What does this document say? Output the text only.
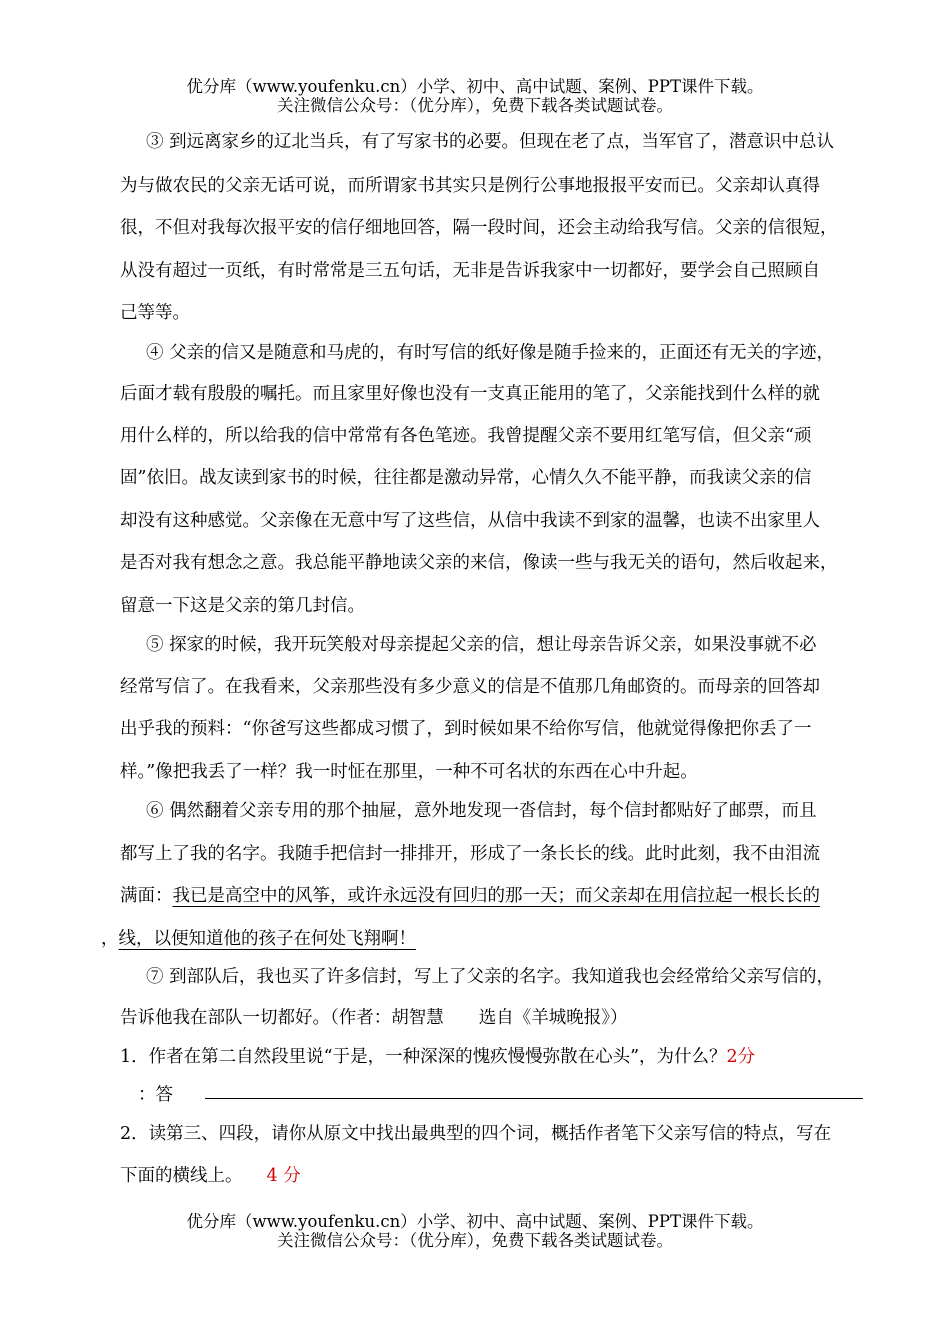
优分库（www.youfenku.cn）小学、初中、高中试题、案例、PPT课件下载。
关注微信公众号：（优分库），免费下载各类试题试卷。
③ 到远离家乡的辽北当兵，有了写家书的必要。但现在老了点，当军官了，潜意识中总认
为与做农民的父亲无话可说，而所谓家书其实只是例行公事地报报平安而已。父亲却认真得
很，不但对我每次报平安的信仔细地回答，隔一段时间，还会主动给我写信。父亲的信很短，
从没有超过一页纸，有时常常是三五句话，无非是告诉我家中一切都好，要学会自己照顾自
己等等。
④ 父亲的信又是随意和马虎的，有时写信的纸好像是随手捡来的，正面还有无关的字迹，
后面才载有殷殷的嘱托。而且家里好像也没有一支真正能用的笔了，父亲能找到什么样的就
用什么样的，所以给我的信中常常有各色笔迹。我曾提醒父亲不要用红笔写信，但父亲“顽
固”依旧。战友读到家书的时候，往往都是激动异常，心情久久不能平静，而我读父亲的信
却没有这种感觉。父亲像在无意中写了这些信，从信中我读不到家的温馨，也读不出家里人
是否对我有想念之意。我总能平静地读父亲的来信，像读一些与我无关的语句，然后收起来，
留意一下这是父亲的第几封信。
⑤ 探家的时候，我开玩笑般对母亲提起父亲的信，想让母亲告诉父亲，如果没事就不必
经常写信了。在我看来，父亲那些没有多少意义的信是不值那几角邮资的。而母亲的回答却
出乎我的预料：“你爸写这些都成习惯了，到时候如果不给你写信，他就觉得像把你丢了一
样。”像把我丢了一样？我一时怔在那里，一种不可名状的东西在心中升起。
⑥ 偶然翻着父亲专用的那个抽屉，意外地发现一沓信封，每个信封都贴好了邮票，而且
都写上了我的名字。我随手把信封一排排开，形成了一条长长的线。此时此刻，我不由泪流
满面：我已是高空中的风筝，或许永远没有回归的那一天；而父亲却在用信拉起一根长长的
，线，以便知道他的孩子在何处飞翔啊！
⑦ 到部队后，我也买了许多信封，写上了父亲的名字。我知道我也会经常给父亲写信的，
告诉他我在部队一切都好。（作者：胡智慧　　选自《羊城晚报》）
1．作者在第二自然段里说“于是，一种深深的愧疚慢慢弥散在心头”，为什么？2分
：答
2．读第三、四段，请你从原文中找出最典型的四个词，概括作者笔下父亲写信的特点，写在
下面的横线上。 4 分
优分库（www.youfenku.cn）小学、初中、高中试题、案例、PPT课件下载。
关注微信公众号：（优分库），免费下载各类试题试卷。
